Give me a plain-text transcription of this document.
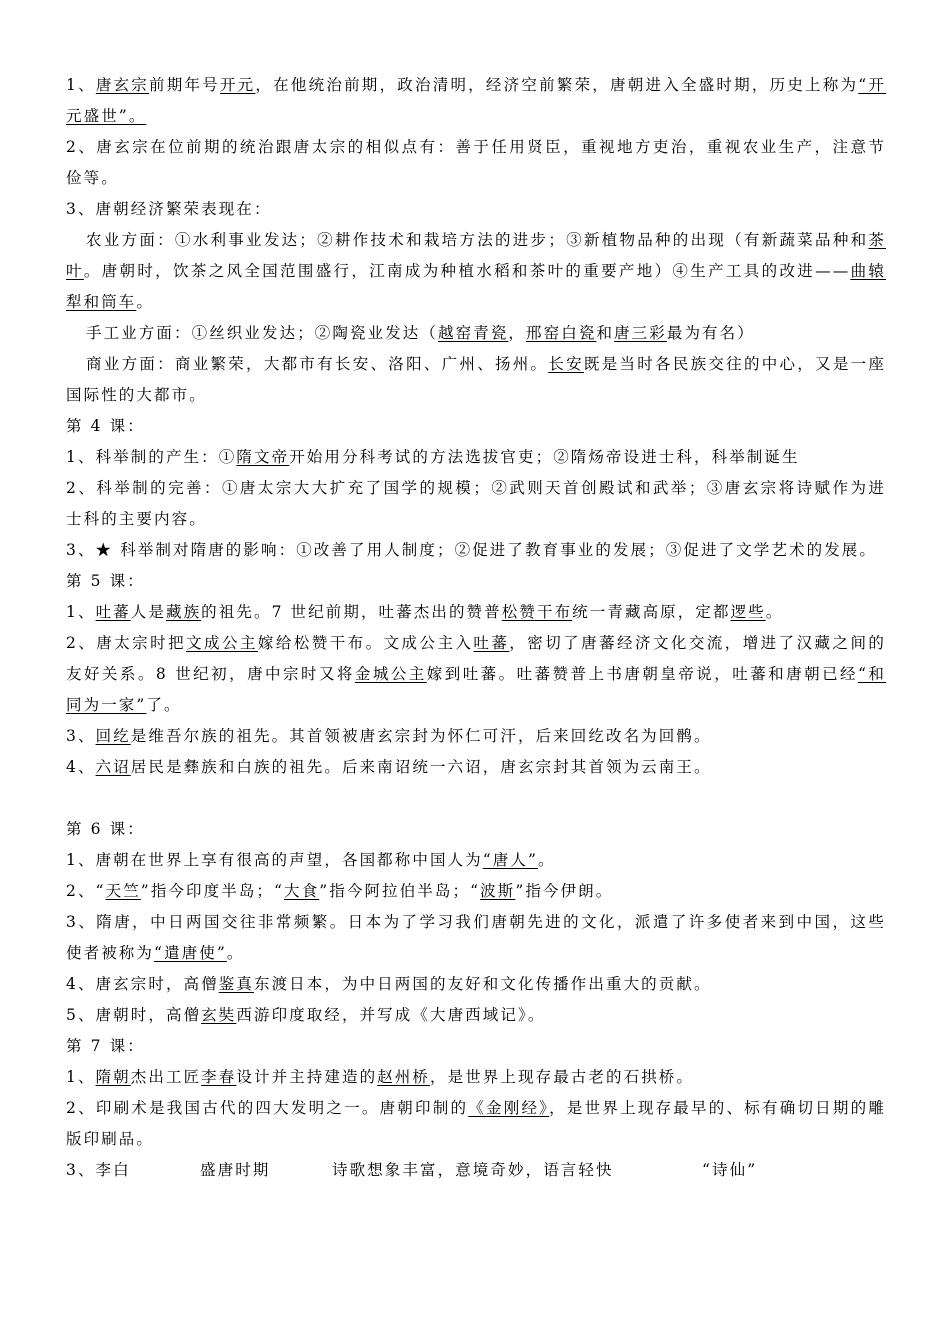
1、唐玄宗前期年号开元，在他统治前期，政治清明，经济空前繁荣，唐朝进入全盛时期，历史上称为“开元盛世”。

2、唐玄宗在位前期的统治跟唐太宗的相似点有：善于任用贤臣，重视地方吏治，重视农业生产，注意节俭等。

3、唐朝经济繁荣表现在：

农业方面：①水利事业发达；②耕作技术和栽培方法的进步；③新植物品种的出现（有新蔬菜品种和茶叶。唐朝时，饮茶之风全国范围盛行，江南成为种植水稻和茶叶的重要产地）④生产工具的改进——曲辕犁和筒车。

手工业方面：①丝织业发达；②陶瓷业发达（越窑青瓷，邢窑白瓷和唐三彩最为有名）

商业方面：商业繁荣，大都市有长安、洛阳、广州、扬州。长安既是当时各民族交往的中心，又是一座国际性的大都市。

第 4 课：

1、科举制的产生：①隋文帝开始用分科考试的方法选拔官吏；②隋炀帝设进士科，科举制诞生

2、科举制的完善：①唐太宗大大扩充了国学的规模；②武则天首创殿试和武举；③唐玄宗将诗赋作为进士科的主要内容。

3、★ 科举制对隋唐的影响：①改善了用人制度；②促进了教育事业的发展；③促进了文学艺术的发展。

第 5 课：

1、吐蕃人是藏族的祖先。7 世纪前期，吐蕃杰出的赞普松赞干布统一青藏高原，定都逻些。

2、唐太宗时把文成公主嫁给松赞干布。文成公主入吐蕃，密切了唐蕃经济文化交流，增进了汉藏之间的友好关系。8 世纪初，唐中宗时又将金城公主嫁到吐蕃。吐蕃赞普上书唐朝皇帝说，吐蕃和唐朝已经“和同为一家”了。

3、回纥是维吾尔族的祖先。其首领被唐玄宗封为怀仁可汗，后来回纥改名为回鹘。

4、六诏居民是彝族和白族的祖先。后来南诏统一六诏，唐玄宗封其首领为云南王。

第 6 课：

1、唐朝在世界上享有很高的声望，各国都称中国人为“唐人”。

2、“天竺”指今印度半岛；“大食”指今阿拉伯半岛；“波斯”指今伊朗。

3、隋唐，中日两国交往非常频繁。日本为了学习我们唐朝先进的文化，派遣了许多使者来到中国，这些使者被称为“遣唐使”。

4、唐玄宗时，高僧鉴真东渡日本，为中日两国的友好和文化传播作出重大的贡献。

5、唐朝时，高僧玄奘西游印度取经，并写成《大唐西域记》。

第 7 课：

1、隋朝杰出工匠李春设计并主持建造的赵州桥，是世界上现存最古老的石拱桥。

2、印刷术是我国古代的四大发明之一。唐朝印制的《金刚经》，是世界上现存最早的、标有确切日期的雕版印刷品。

3、李白	盛唐时期	诗歌想象丰富，意境奇妙，语言轻快	“诗仙”
